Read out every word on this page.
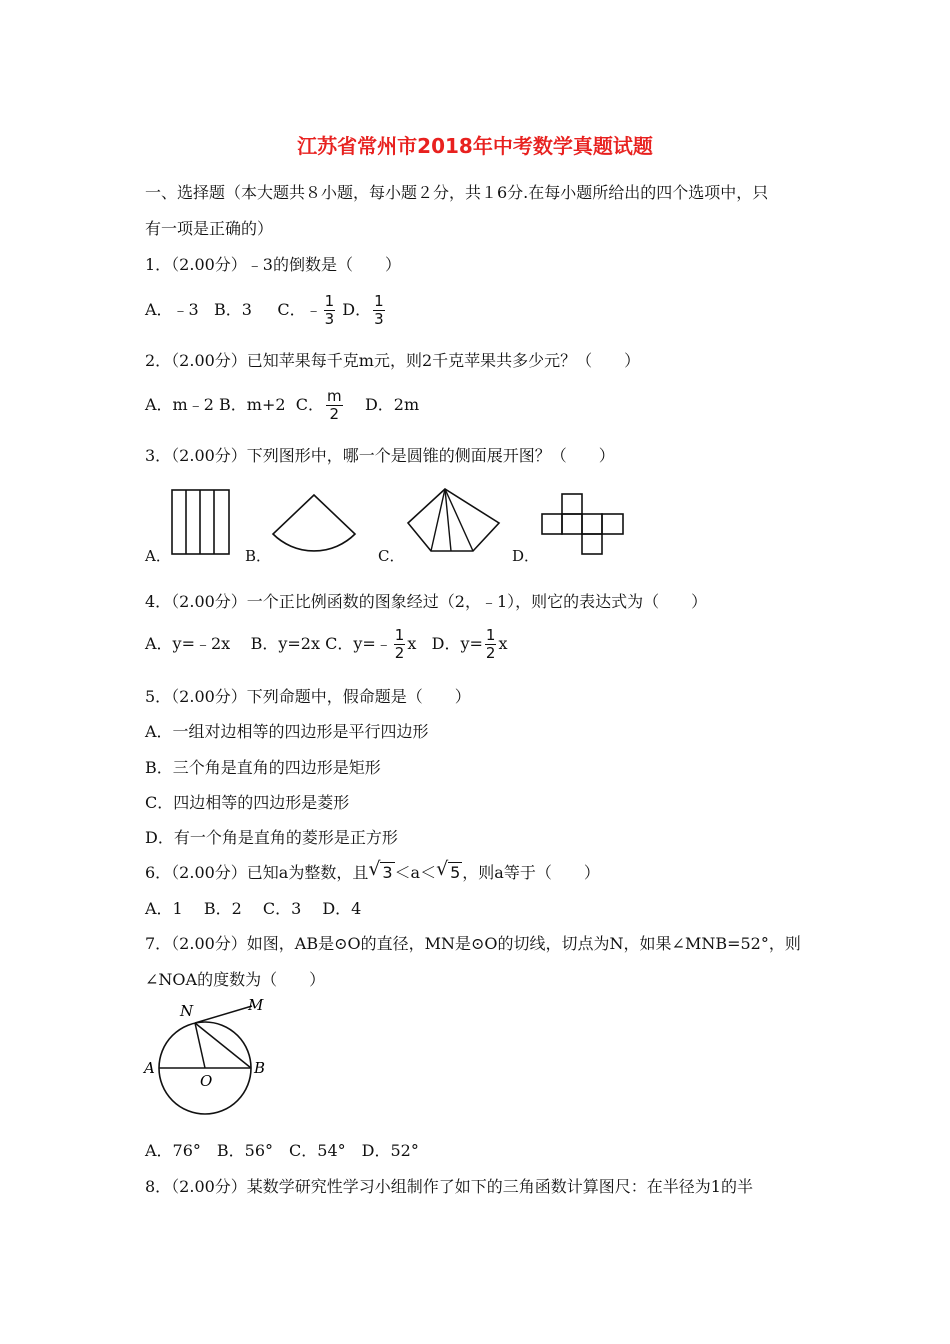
江苏省常州市2018年中考数学真题试题
一、选择题（本大题共８小题，每小题２分，共１6分.在每小题所给出的四个选项中，只
有一项是正确的）
1．（2.00分）﹣3的倒数是（　　）
A．﹣3 B．3 C．﹣ $\frac{1}{3}$ D． $\frac{1}{3}$
2．（2.00分）已知苹果每千克m元，则2千克苹果共多少元？（　　）
A．m﹣2 B．m+2 C． $\frac{m}{2}$ D．2m
3．（2.00分）下列图形中，哪一个是圆锥的侧面展开图？（　　）
A．	B．	C．	D．
4．（2.00分）一个正比例函数的图象经过（2，﹣1），则它的表达式为（　　）
A．y=﹣2x B．y=2x C．y=﹣ $\frac{1}{2}$ x D．$y= \frac{1}{2}$ x
5．（2.00分）下列命题中，假命题是（　　）
A．一组对边相等的四边形是平行四边形
B．三个角是直角的四边形是矩形
C．四边相等的四边形是菱形
D．有一个角是直角的菱形是正方形
6．（2.00分）已知a为整数，且 √ 3 ＜a＜ √ 5 ，则a等于（　　）
A．1　 B．2　 C．3　 D．4
7．（2.00分）如图，AB是⊙O的直径，MN是⊙O的切线，切点为N，如果∠MNB=52°，则
∠NOA的度数为（　　）
N	M
A
O
B
A．76°　B．56°　C．54°　D．52°
8．（2.00分）某数学研究性学习小组制作了如下的三角函数计算图尺：在半径为1的半
